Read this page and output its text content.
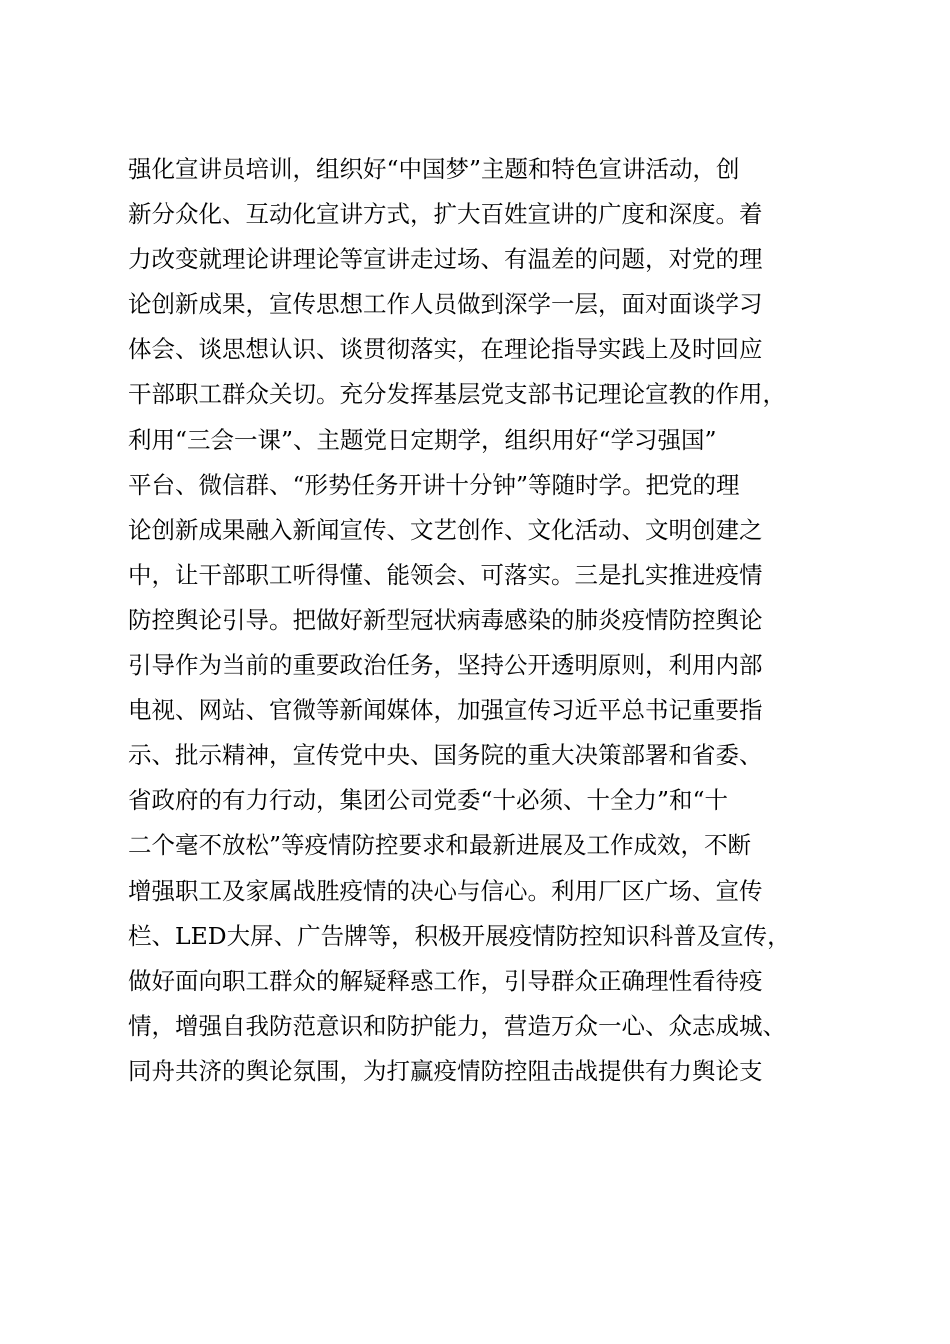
强化宣讲员培训，组织好“中国梦”主题和特色宣讲活动，创
新分众化、互动化宣讲方式，扩大百姓宣讲的广度和深度。着
力改变就理论讲理论等宣讲走过场、有温差的问题，对党的理
论创新成果，宣传思想工作人员做到深学一层，面对面谈学习
体会、谈思想认识、谈贯彻落实，在理论指导实践上及时回应
干部职工群众关切。充分发挥基层党支部书记理论宣教的作用，
利用“三会一课”、主题党日定期学，组织用好“学习强国”
平台、微信群、“形势任务开讲十分钟”等随时学。把党的理
论创新成果融入新闻宣传、文艺创作、文化活动、文明创建之
中，让干部职工听得懂、能领会、可落实。三是扎实推进疫情
防控舆论引导。把做好新型冠状病毒感染的肺炎疫情防控舆论
引导作为当前的重要政治任务，坚持公开透明原则，利用内部
电视、网站、官微等新闻媒体，加强宣传习近平总书记重要指
示、批示精神，宣传党中央、国务院的重大决策部署和省委、
省政府的有力行动，集团公司党委“十必须、十全力”和“十
二个毫不放松”等疫情防控要求和最新进展及工作成效，不断
增强职工及家属战胜疫情的决心与信心。利用厂区广场、宣传
栏、LED大屏、广告牌等，积极开展疫情防控知识科普及宣传，
做好面向职工群众的解疑释惑工作，引导群众正确理性看待疫
情，增强自我防范意识和防护能力，营造万众一心、众志成城、
同舟共济的舆论氛围，为打赢疫情防控阻击战提供有力舆论支
